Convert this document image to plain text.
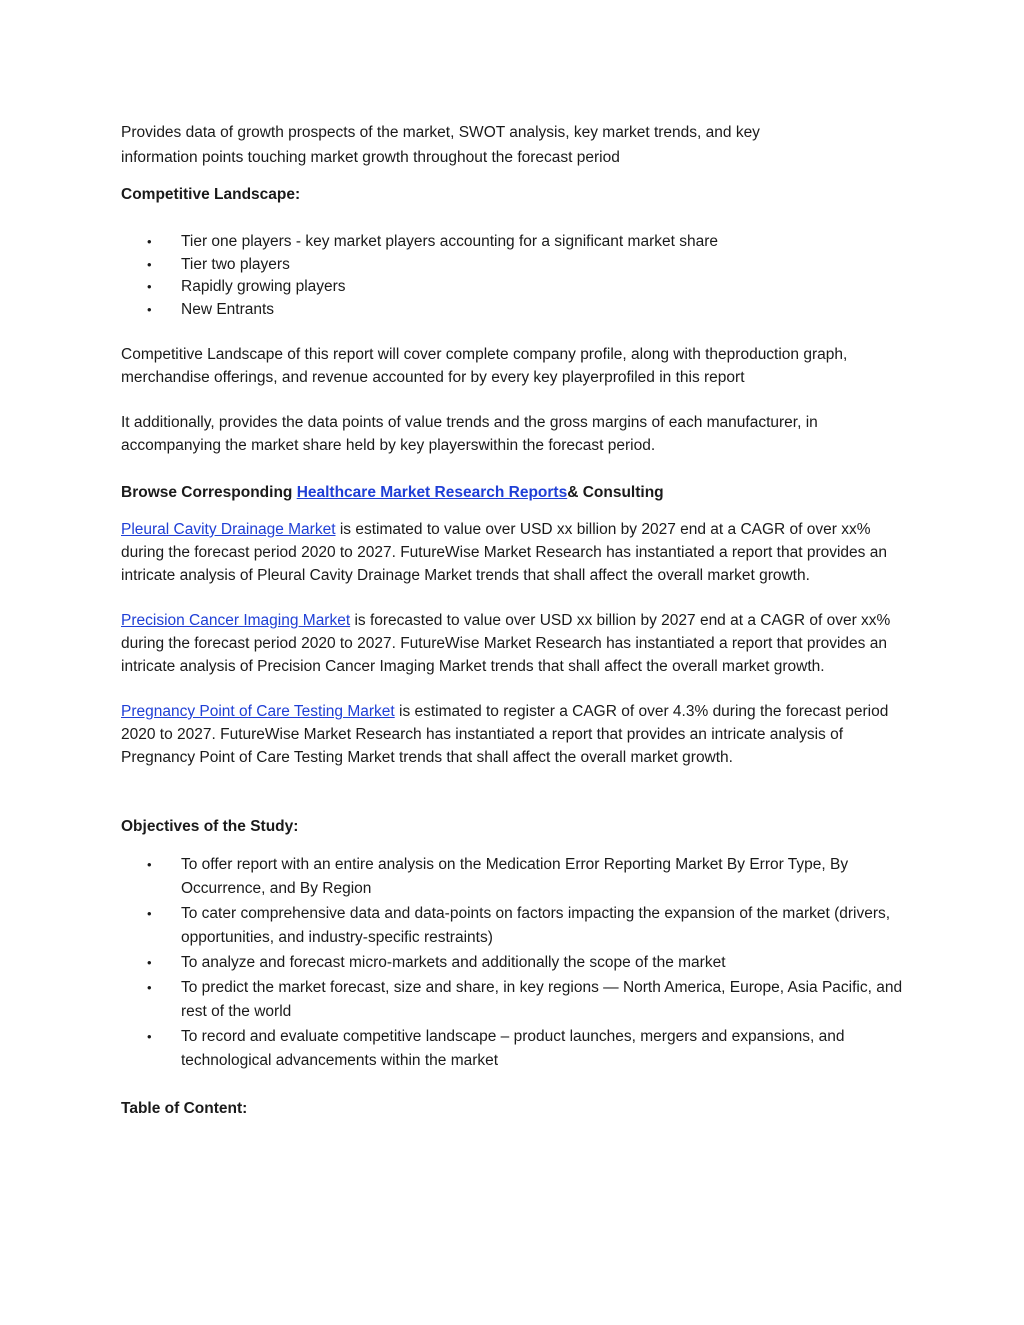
Provides data of growth prospects of the market, SWOT analysis, key market trends, and key
information points touching market growth throughout the forecast period

Competitive Landscape:

• Tier one players - key market players accounting for a significant market share
• Tier two players
• Rapidly growing players
• New Entrants

Competitive Landscape of this report will cover complete company profile, along with theproduction graph, merchandise offerings, and revenue accounted for by every key playerprofiled in this report

It additionally, provides the data points of value trends and the gross margins of each manufacturer, in accompanying the market share held by key playerswithin the forecast period.

Browse Corresponding Healthcare Market Research Reports& Consulting

Pleural Cavity Drainage Market is estimated to value over USD xx billion by 2027 end at a CAGR of over xx% during the forecast period 2020 to 2027. FutureWise Market Research has instantiated a report that provides an intricate analysis of Pleural Cavity Drainage Market trends that shall affect the overall market growth.

Precision Cancer Imaging Market is forecasted to value over USD xx billion by 2027 end at a CAGR of over xx% during the forecast period 2020 to 2027. FutureWise Market Research has instantiated a report that provides an intricate analysis of Precision Cancer Imaging Market trends that shall affect the overall market growth.

Pregnancy Point of Care Testing Market is estimated to register a CAGR of over 4.3% during the forecast period 2020 to 2027. FutureWise Market Research has instantiated a report that provides an intricate analysis of Pregnancy Point of Care Testing Market trends that shall affect the overall market growth.

Objectives of the Study:

• To offer report with an entire analysis on the Medication Error Reporting Market By Error Type, By Occurrence, and By Region
• To cater comprehensive data and data-points on factors impacting the expansion of the market (drivers, opportunities, and industry-specific restraints)
• To analyze and forecast micro-markets and additionally the scope of the market
• To predict the market forecast, size and share, in key regions — North America, Europe, Asia Pacific, and rest of the world
• To record and evaluate competitive landscape – product launches, mergers and expansions, and technological advancements within the market

Table of Content:
